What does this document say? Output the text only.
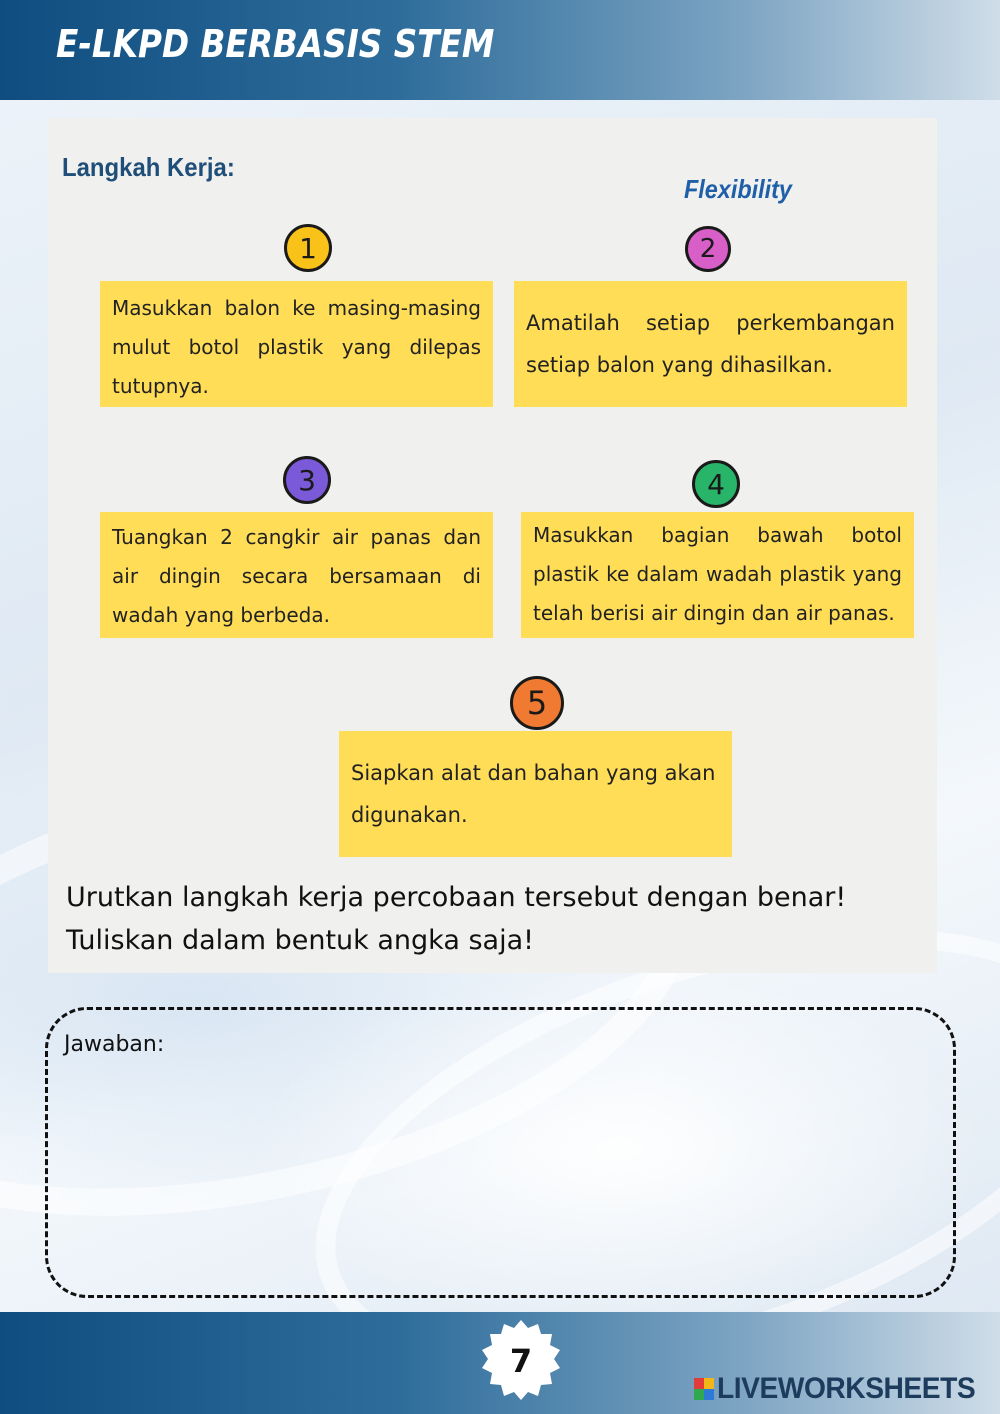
E-LKPD BERBASIS STEM
Langkah Kerja:
Flexibility
1
Masukkan balon ke masing-masing mulut botol plastik yang dilepas tutupnya.
2
Amatilah setiap perkembangan setiap balon yang dihasilkan.
3
Tuangkan 2 cangkir air panas dan air dingin secara bersamaan di wadah yang berbeda.
4
Masukkan bagian bawah botol plastik ke dalam wadah plastik yang telah berisi air dingin dan air panas.
5
Siapkan alat dan bahan yang akan digunakan.
Urutkan langkah kerja percobaan tersebut dengan benar!
Tuliskan dalam bentuk angka saja!
Jawaban:
7
LIVEWORKSHEETS
